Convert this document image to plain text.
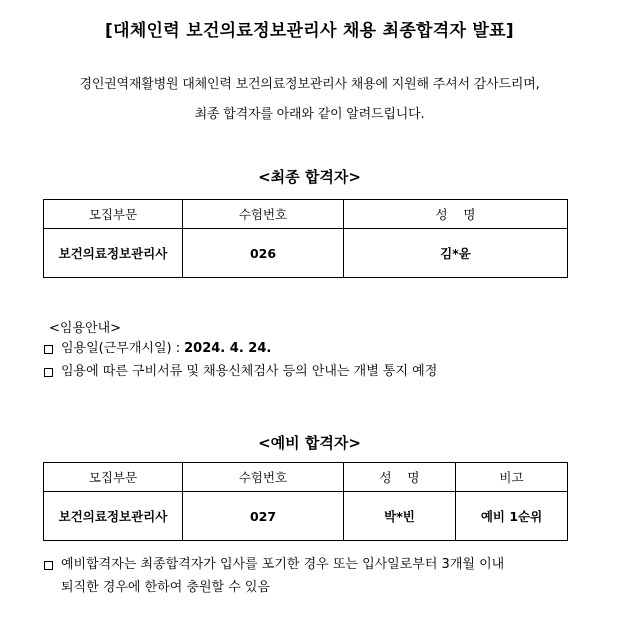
[대체인력 보건의료정보관리사 채용 최종합격자 발표]
경인권역재활병원 대체인력 보건의료정보관리사 채용에 지원해 주셔서 감사드리며,
최종 합격자를 아래와 같이 알려드립니다.
<최종 합격자>
모집부문	수험번호	성    명
보건의료정보관리사	026	김*윤
<임용안내>
임용일(근무개시일) : 2024. 4. 24.
임용에 따른 구비서류 및 채용신체검사 등의 안내는 개별 통지 예정
<예비 합격자>
모집부문	수험번호	성    명	비고
보건의료정보관리사	027	박*빈	예비 1순위
예비합격자는 최종합격자가 입사를 포기한 경우 또는 입사일로부터 3개월 이내
퇴직한 경우에 한하여 충원할 수 있음
